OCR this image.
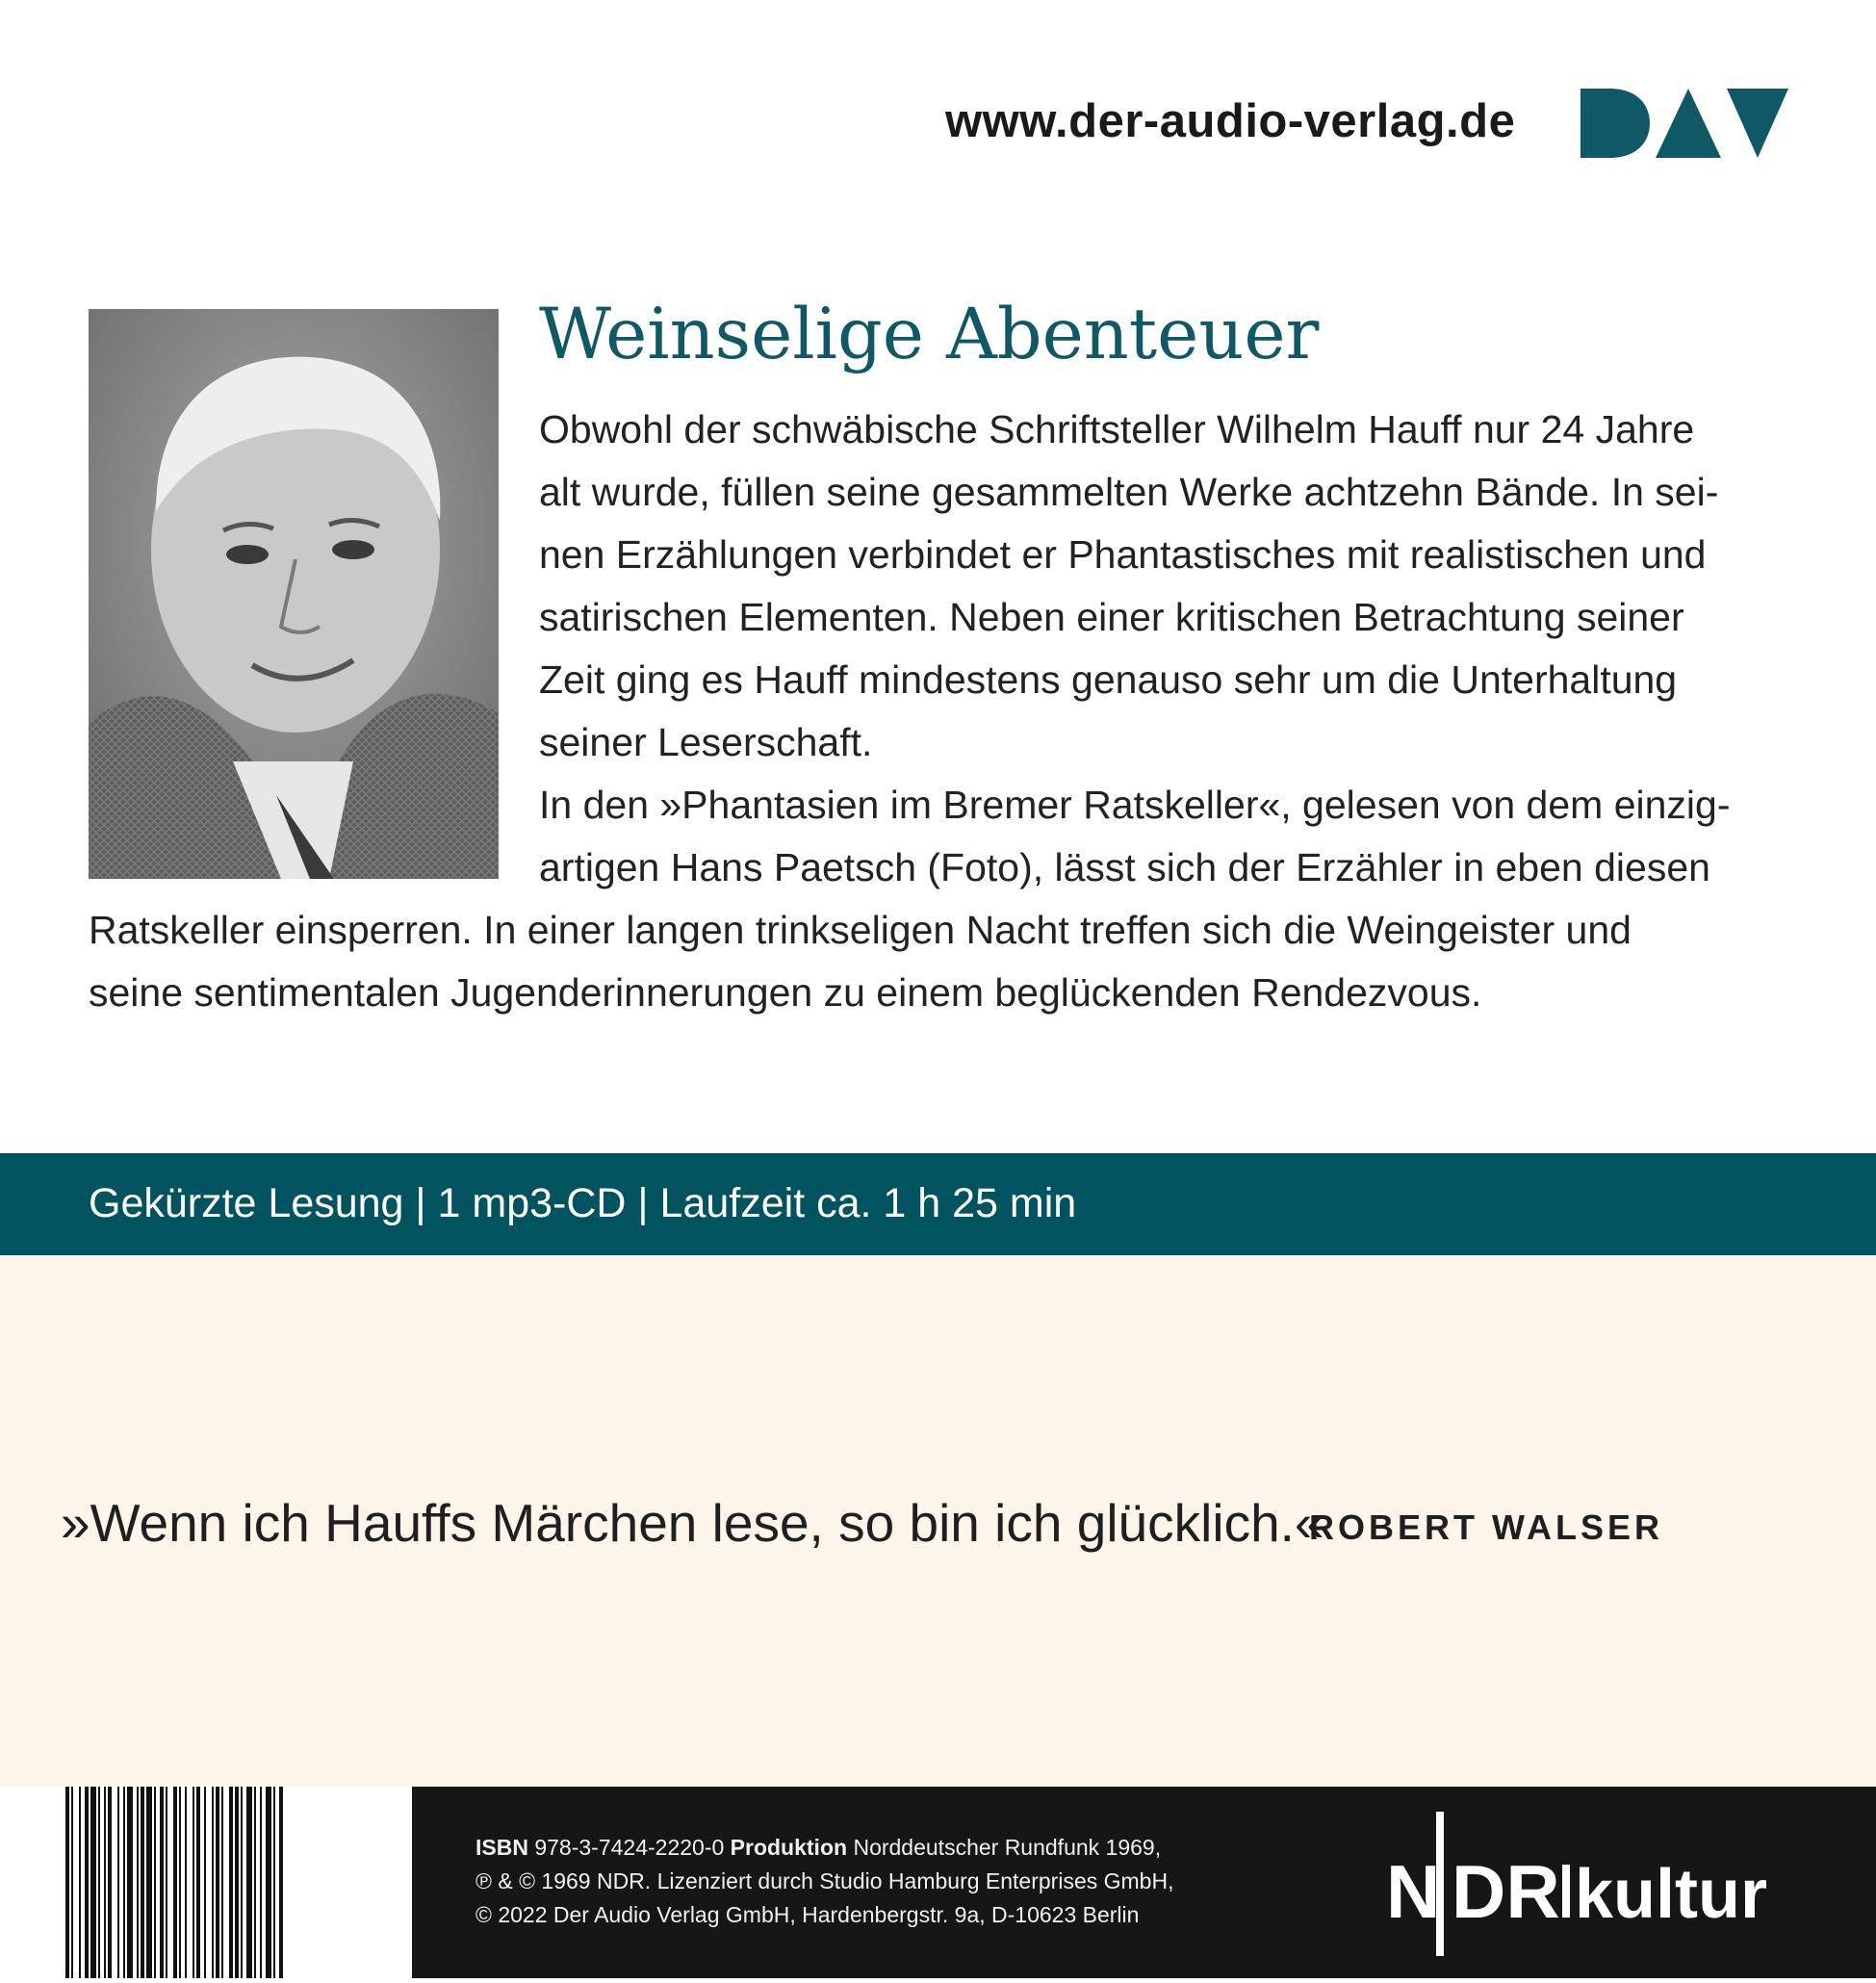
www.der-audio-verlag.de
Weinselige Abenteuer
Obwohl der schwäbische Schriftsteller Wilhelm Hauff nur 24 Jahre
alt wurde, füllen seine gesammelten Werke achtzehn Bände. In sei-
nen Erzählungen verbindet er Phantastisches mit realistischen und
satirischen Elementen. Neben einer kritischen Betrachtung seiner
Zeit ging es Hauff mindestens genauso sehr um die Unterhaltung
seiner Leserschaft.
In den »Phantasien im Bremer Ratskeller«, gelesen von dem einzig-
artigen Hans Paetsch (Foto), lässt sich der Erzähler in eben diesen
Ratskeller einsperren. In einer langen trinkseligen Nacht treffen sich die Weingeister und
seine sentimentalen Jugenderinnerungen zu einem beglückenden Rendezvous.
Gekürzte Lesung | 1 mp3-CD | Laufzeit ca. 1 h 25 min
»Wenn ich Hauffs Märchen lese, so bin ich glücklich.«
ROBERT WALSER
ISBN 978-3-7424-2220-0 Produktion Norddeutscher Rundfunk 1969,
℗ & © 1969 NDR. Lizenziert durch Studio Hamburg Enterprises GmbH,
© 2022 Der Audio Verlag GmbH, Hardenbergstr. 9a, D-10623 Berlin	N DR kultur
